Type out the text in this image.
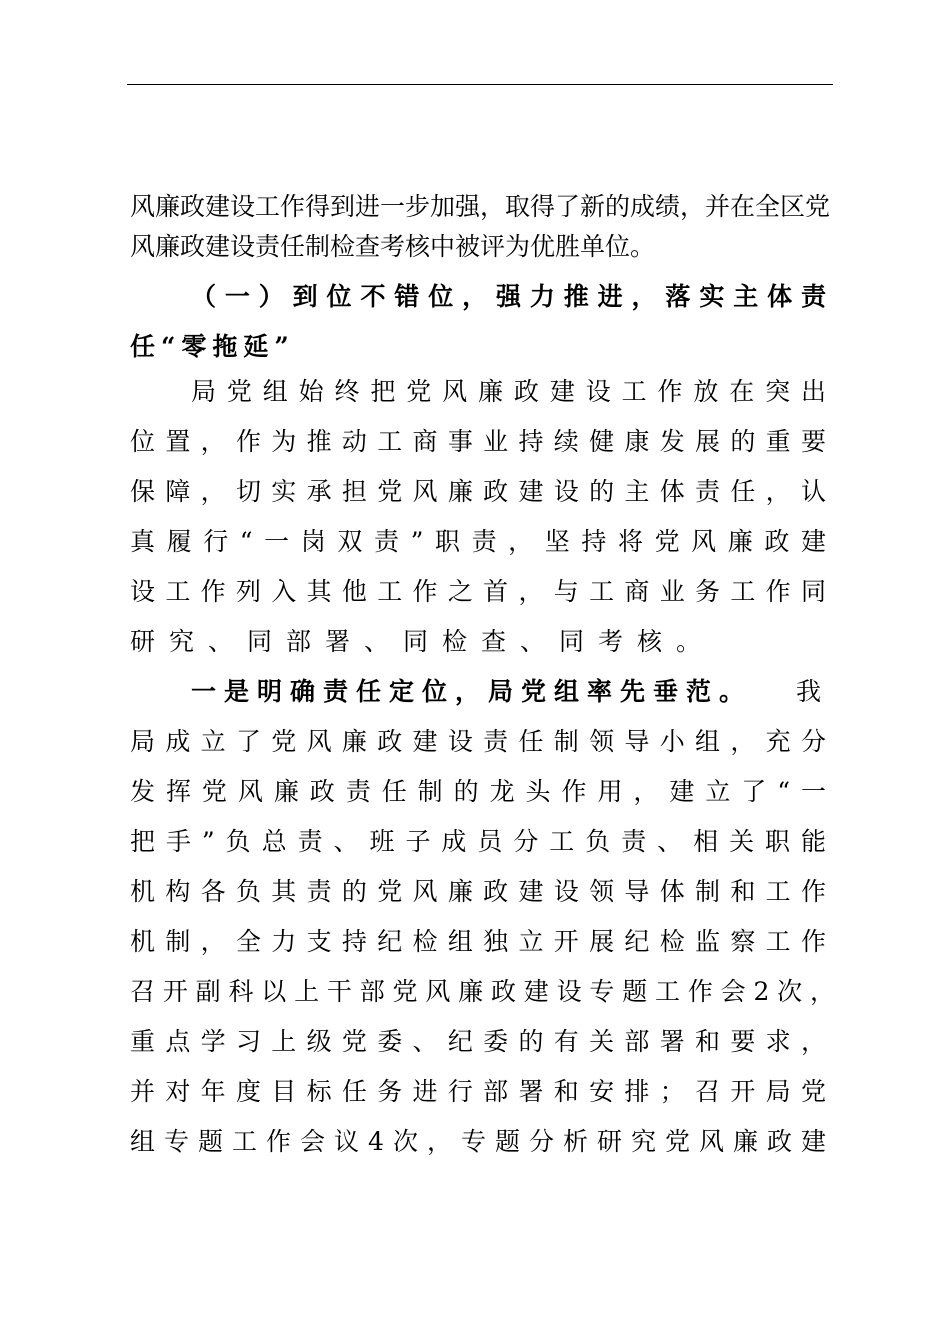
风廉政建设工作得到进一步加强，取得了新的成绩，并在全区党
风廉政建设责任制检查考核中被评为优胜单位。
（一）到位不错位，强力推进，落实主体责
任“零拖延”
局党组始终把党风廉政建设工作放在突出
位置，作为推动工商事业持续健康发展的重要
保障，切实承担党风廉政建设的主体责任，认
真履行“一岗双责”职责，坚持将党风廉政建
设工作列入其他工作之首，与工商业务工作同
研究、同部署、同检查、同考核。
一是明确责任定位，局党组率先垂范。	我
局成立了党风廉政建设责任制领导小组，充分
发挥党风廉政责任制的龙头作用，建立了“一
把手”负总责、班子成员分工负责、相关职能
机构各负其责的党风廉政建设领导体制和工作
机制，全力支持纪检组独立开展纪检监察工作
召开副科以上干部党风廉政建设专题工作会2次，
重点学习上级党委、纪委的有关部署和要求，
并对年度目标任务进行部署和安排；召开局党
组专题工作会议4次，专题分析研究党风廉政建
